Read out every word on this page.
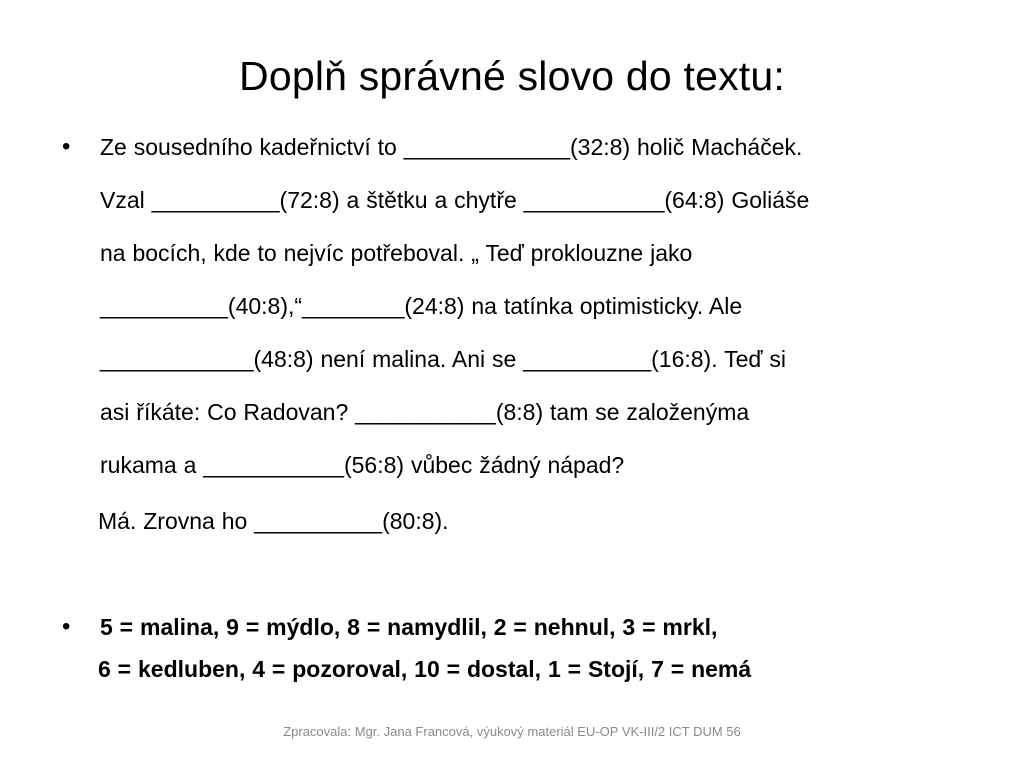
Doplň správné slovo do textu:
• Ze sousedního kadeřnictví to _____________(32:8) holič Macháček.
Vzal __________(72:8) a štětku a chytře ___________(64:8) Goliáše
na bocích, kde to nejvíc potřeboval. „ Teď proklouzne jako
__________(40:8),“________(24:8) na tatínka optimisticky. Ale
____________(48:8) není malina. Ani se __________(16:8). Teď si
asi říkáte: Co Radovan? ___________(8:8) tam se založenýma
rukama a ___________(56:8) vůbec žádný nápad?
Má. Zrovna ho __________(80:8).
• 5 = malina, 9 = mýdlo, 8 = namydlil, 2 = nehnul, 3 = mrkl,
6 = kedluben, 4 = pozoroval, 10 = dostal, 1 = Stojí, 7 = nemá
Zpracovala: Mgr. Jana Francová, výukový materiál EU-OP VK-III/2 ICT DUM 56
